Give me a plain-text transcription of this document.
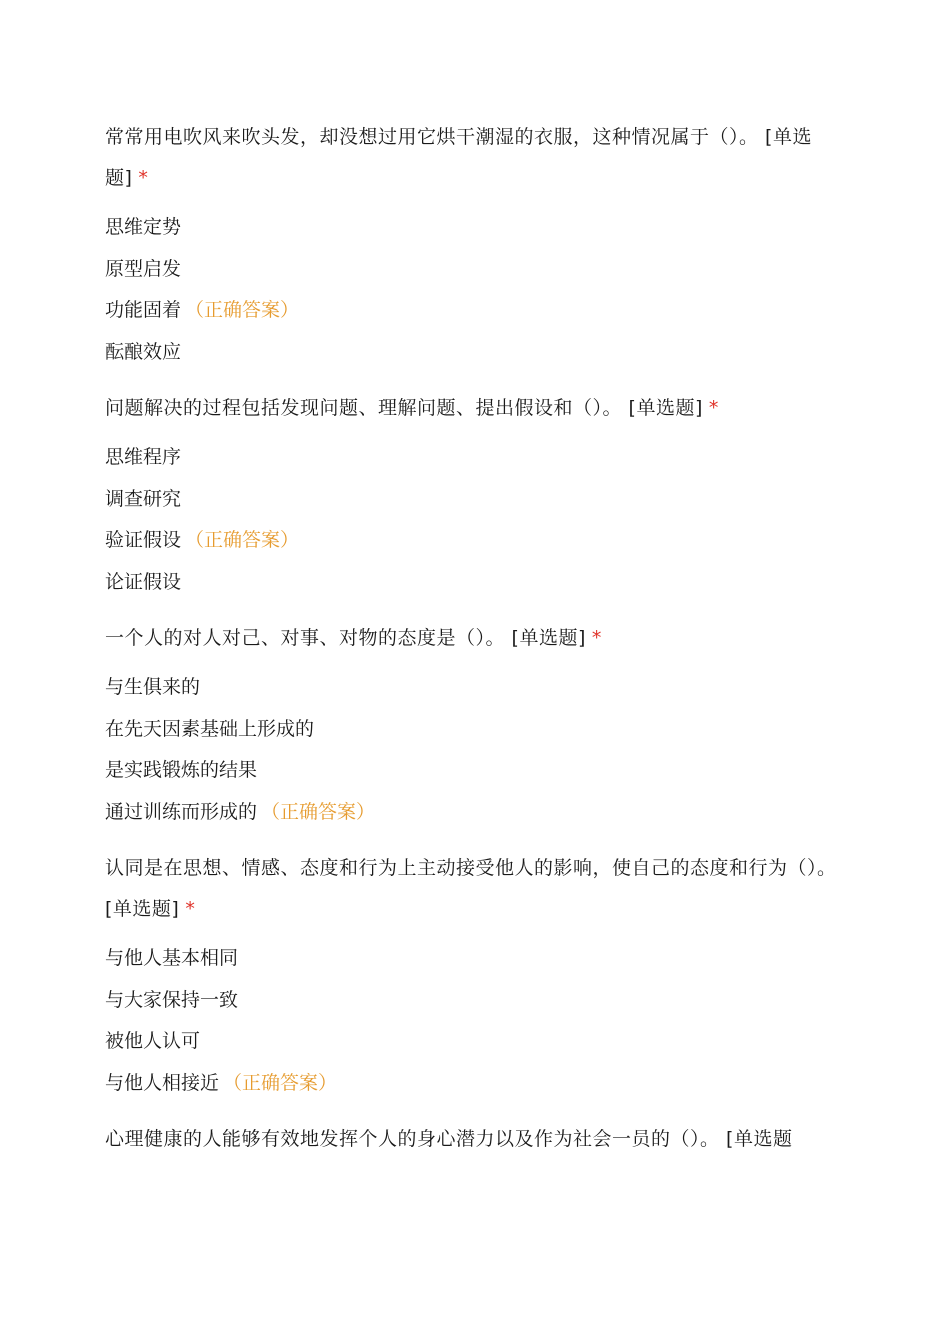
常常用电吹风来吹头发，却没想过用它烘干潮湿的衣服，这种情况属于（）。 [单选题] *

思维定势
原型启发
功能固着 （正确答案）
酝酿效应

问题解决的过程包括发现问题、理解问题、提出假设和（）。 [单选题] *

思维程序
调查研究
验证假设 （正确答案）
论证假设

一个人的对人对己、对事、对物的态度是（）。 [单选题] *

与生俱来的
在先天因素基础上形成的
是实践锻炼的结果
通过训练而形成的 （正确答案）

认同是在思想、情感、态度和行为上主动接受他人的影响，使自己的态度和行为（）。 [单选题] *

与他人基本相同
与大家保持一致
被他人认可
与他人相接近 （正确答案）

心理健康的人能够有效地发挥个人的身心潜力以及作为社会一员的（）。 [单选题
